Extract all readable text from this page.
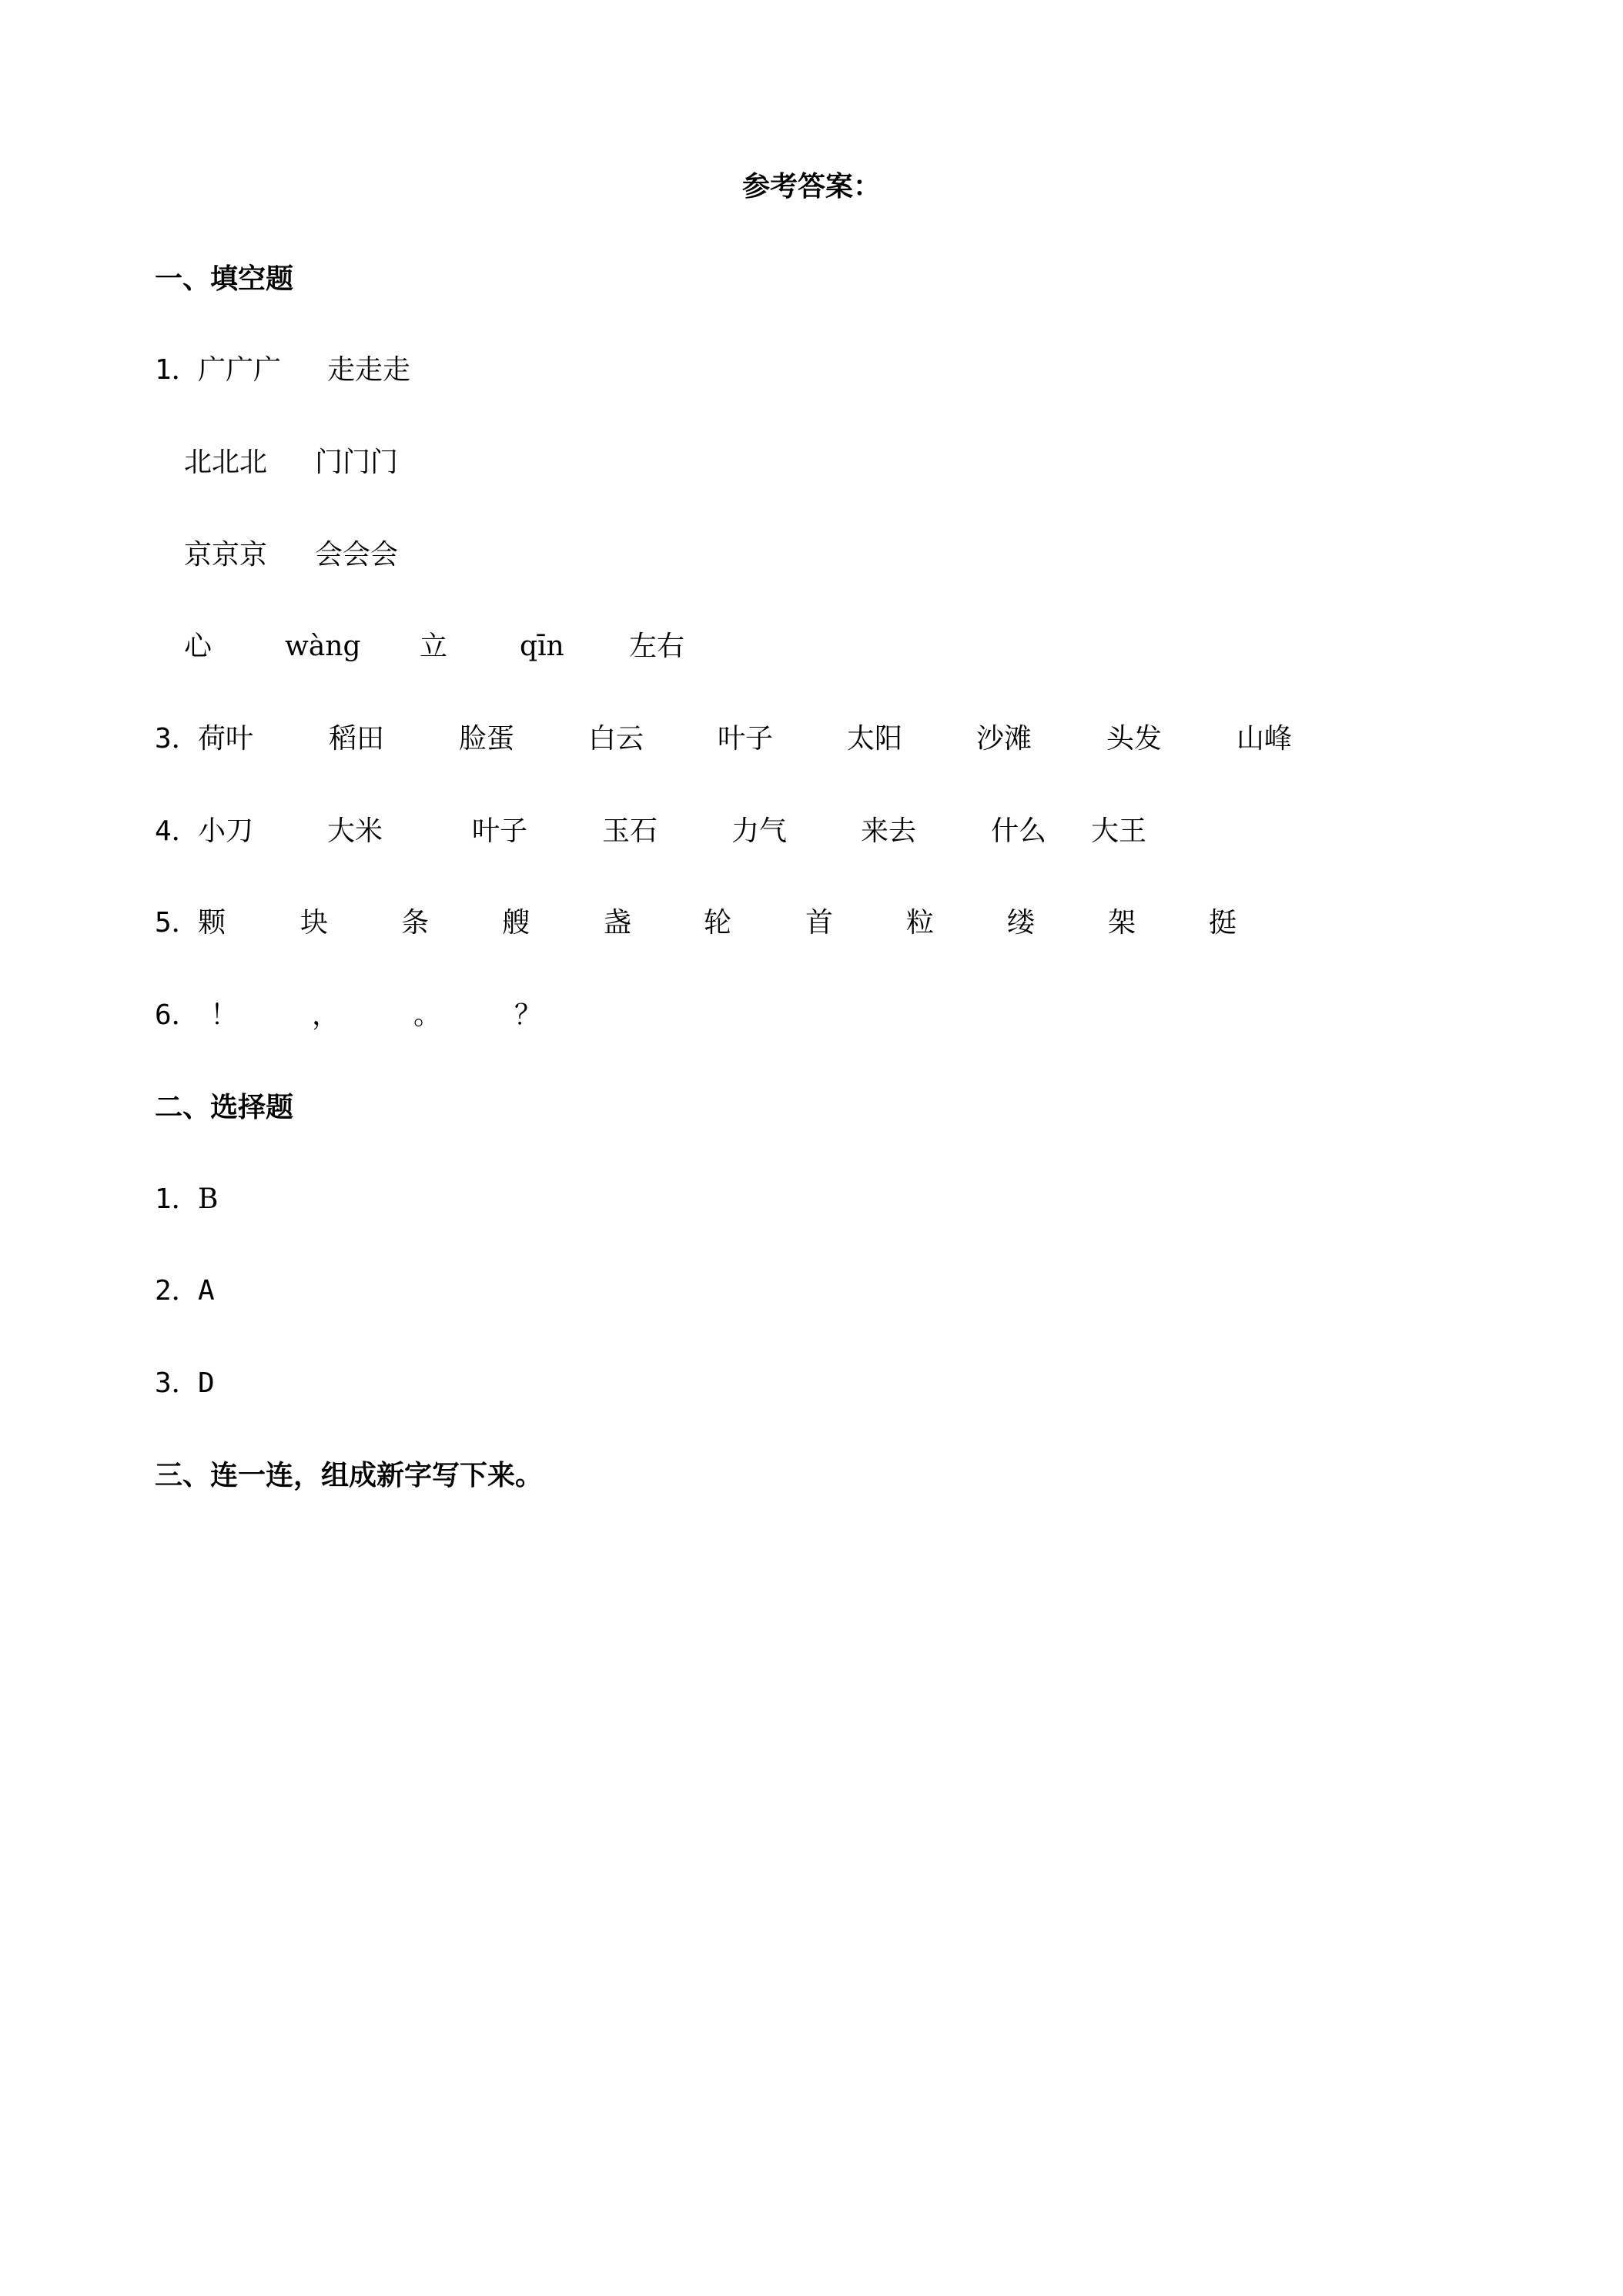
参考答案：
一、填空题
1．
广广广 走走走
北北北 门门门
京京京 会会会
心	wàng 立	qīn 左右
3．
荷叶	稻田	脸蛋	白云	叶子	太阳	沙滩	头发	山峰
4．
小刀	大米	叶子	玉石	力气	来去	什么 大王
5．
颗	块	条	艘	盏	轮	首	粒	缕	架	挺
6． ！	，	。	？
二、选择题
1．
B
2．
A
3．
D
三、连一连，组成新字写下来。
